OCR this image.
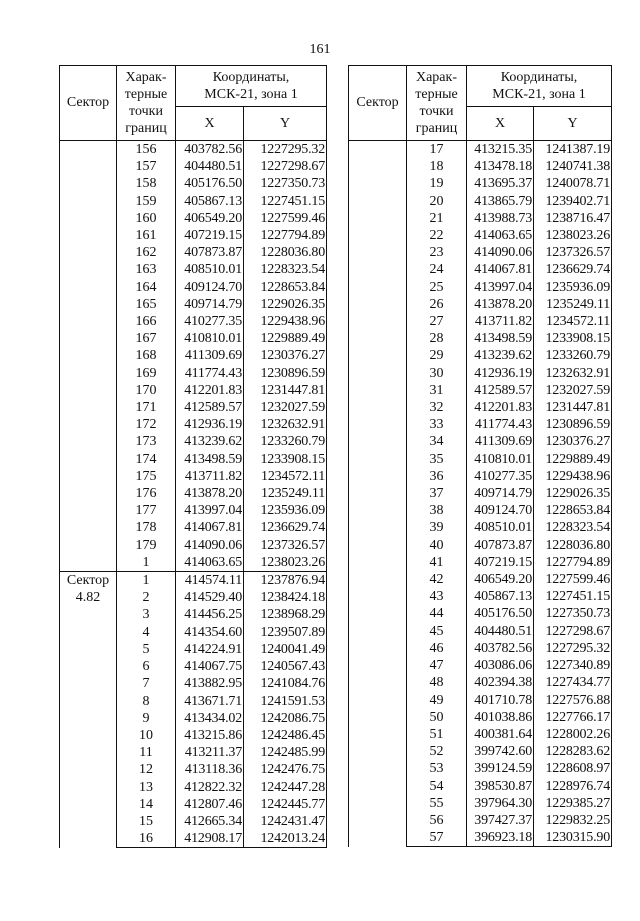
161
Сектор	Харак-
терные
точки
границ	Координаты,
МСК-21, зона 1	

		X	Y
	156	403782.56	1227295.32
	157	404480.51	1227298.67
	158	405176.50	1227350.73
	159	405867.13	1227451.15
	160	406549.20	1227599.46
	161	407219.15	1227794.89
	162	407873.87	1228036.80
	163	408510.01	1228323.54
	164	409124.70	1228653.84
	165	409714.79	1229026.35
	166	410277.35	1229438.96
	167	410810.01	1229889.49
	168	411309.69	1230376.27
	169	411774.43	1230896.59
	170	412201.83	1231447.81
	171	412589.57	1232027.59
	172	412936.19	1232632.91
	173	413239.62	1233260.79
	174	413498.59	1233908.15
	175	413711.82	1234572.11
	176	413878.20	1235249.11
	177	413997.04	1235936.09
	178	414067.81	1236629.74
	179	414090.06	1237326.57
	1	414063.65	1238023.26

Сектор
4.82	1	414574.11	1237876.94
	2	414529.40	1238424.18
	3	414456.25	1238968.29
	4	414354.60	1239507.89
	5	414224.91	1240041.49
	6	414067.75	1240567.43
	7	413882.95	1241084.76
	8	413671.71	1241591.53
	9	413434.02	1242086.75
	10	413215.86	1242486.45
	11	413211.37	1242485.99
	12	413118.36	1242476.75
	13	412822.32	1242447.28
	14	412807.46	1242445.77
	15	412665.34	1242431.47
	16	412908.17	1242013.24
Сектор	Харак-
терные
точки
границ	Координаты,
МСК-21, зона 1	

		X	Y
	17	413215.35	1241387.19
	18	413478.18	1240741.38
	19	413695.37	1240078.71
	20	413865.79	1239402.71
	21	413988.73	1238716.47
	22	414063.65	1238023.26
	23	414090.06	1237326.57
	24	414067.81	1236629.74
	25	413997.04	1235936.09
	26	413878.20	1235249.11
	27	413711.82	1234572.11
	28	413498.59	1233908.15
	29	413239.62	1233260.79
	30	412936.19	1232632.91
	31	412589.57	1232027.59
	32	412201.83	1231447.81
	33	411774.43	1230896.59
	34	411309.69	1230376.27
	35	410810.01	1229889.49
	36	410277.35	1229438.96
	37	409714.79	1229026.35
	38	409124.70	1228653.84
	39	408510.01	1228323.54
	40	407873.87	1228036.80
	41	407219.15	1227794.89
	42	406549.20	1227599.46
	43	405867.13	1227451.15
	44	405176.50	1227350.73
	45	404480.51	1227298.67
	46	403782.56	1227295.32
	47	403086.06	1227340.89
	48	402394.38	1227434.77
	49	401710.78	1227576.88
	50	401038.86	1227766.17
	51	400381.64	1228002.26
	52	399742.60	1228283.62
	53	399124.59	1228608.97
	54	398530.87	1228976.74
	55	397964.30	1229385.27
	56	397427.37	1229832.25
	57	396923.18	1230315.90
